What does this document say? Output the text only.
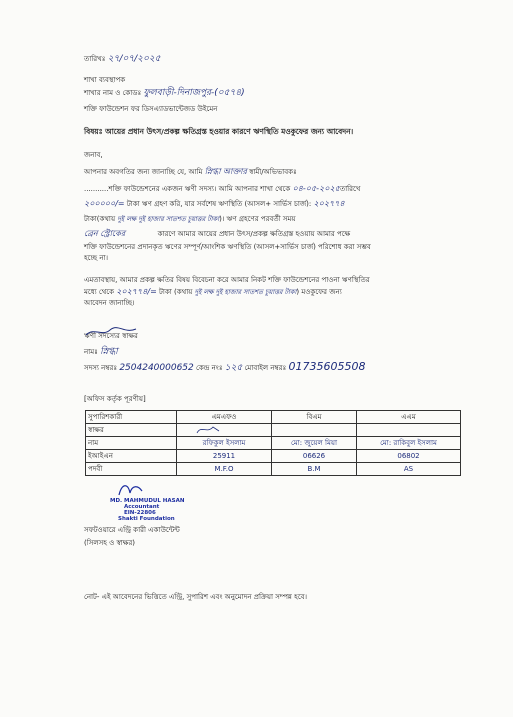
তারিখঃ ২৭/০৭/২০২৫
শাখা ব্যবস্থাপক
শাখার নাম ও কোডঃ ফুলবাড়ী-দিনাজপুর-(০৫৭৪)
শক্তি ফাউন্ডেশন ফর ডিসএ্যাডভান্টেজড উইমেন
বিষয়ঃ আয়ের প্রধান উৎস/প্রকল্প ক্ষতিগ্রস্ত হওয়ার কারণে ঋণস্থিতি মওকুফের জন্য আবেদন।
জনাব,
আপনার অবগতির জন্য জানাচ্ছি যে, আমি স্নিগ্ধা আক্তার স্বামী/অভিভাবকঃ
...........শক্তি ফাউন্ডেশনের একজন ঋণী সদস্য। আমি আপনার শাখা থেকে ০৪-০৫-২০২৫তারিখে
২০০০০০/= টাকা ঋণ গ্রহণ করি, যার সর্বশেষ ঋণস্থিতি (আসল+ সার্ভিস চার্জ): ২০২৭৭৪
টাকা(কথায় দুই লক্ষ দুই হাজার সাতশত চুয়াত্তর টাকা)। ঋণ গ্রহণের পরবর্তী সময়
ব্রেন স্ট্রোকের	কারণে আমার আয়ের প্রধান উৎস/প্রকল্প ক্ষতিগ্রস্ত হওয়ায় আমার পক্ষে
শক্তি ফাউন্ডেশনের প্রদানকৃত ঋণের সম্পূর্ণ/আংশিক ঋণস্থিতি (আসল+সার্ভিস চার্জ) পরিশোধ করা সম্ভব
হচ্ছে না।
এমতাবস্থায়, আমার প্রকল্প ক্ষতির বিষয় বিবেচনা করে আমার নিকট শক্তি ফাউন্ডেশনের পাওনা ঋণস্থিতির
মধ্যে থেকে ২০২৭৭৪/= টাকা (কথায় দুই লক্ষ দুই হাজার সাতশত চুয়াত্তর টাকা) মওকুফের জন্য
আবেদন জানাচ্ছি।
ঋণী সদস্যের স্বাক্ষর
নামঃ স্নিগ্ধা
সদস্য নম্বরঃ 2504240000652 কেন্দ্র নংঃ ১২৫ মোবাইল নম্বরঃ 01735605508
[অফিস কর্তৃক পূরণীয়]
সুপারিশকারী	এমএফও	বিএম	এএম
স্বাক্ষর			
নাম	রফিকুল ইসলাম	মো: জুয়েল মিয়া	মো: রাকিবুল ইসলাম
ইআইএন	25911	06626	06802
পদবী	M.F.O	B.M	AS
MD. MAHMUDUL HASAN
Accountant
EIN-22806
Shakti Foundation
সফটওয়ারে এন্ট্রি কারী একাউন্টেন্ট
(সিলসহ ও স্বাক্ষর)
নোট- এই আবেদনের ভিত্তিতে এন্ট্রি, সুপারিশ এবং অনুমোদন প্রক্রিয়া সম্পন্ন হবে।
